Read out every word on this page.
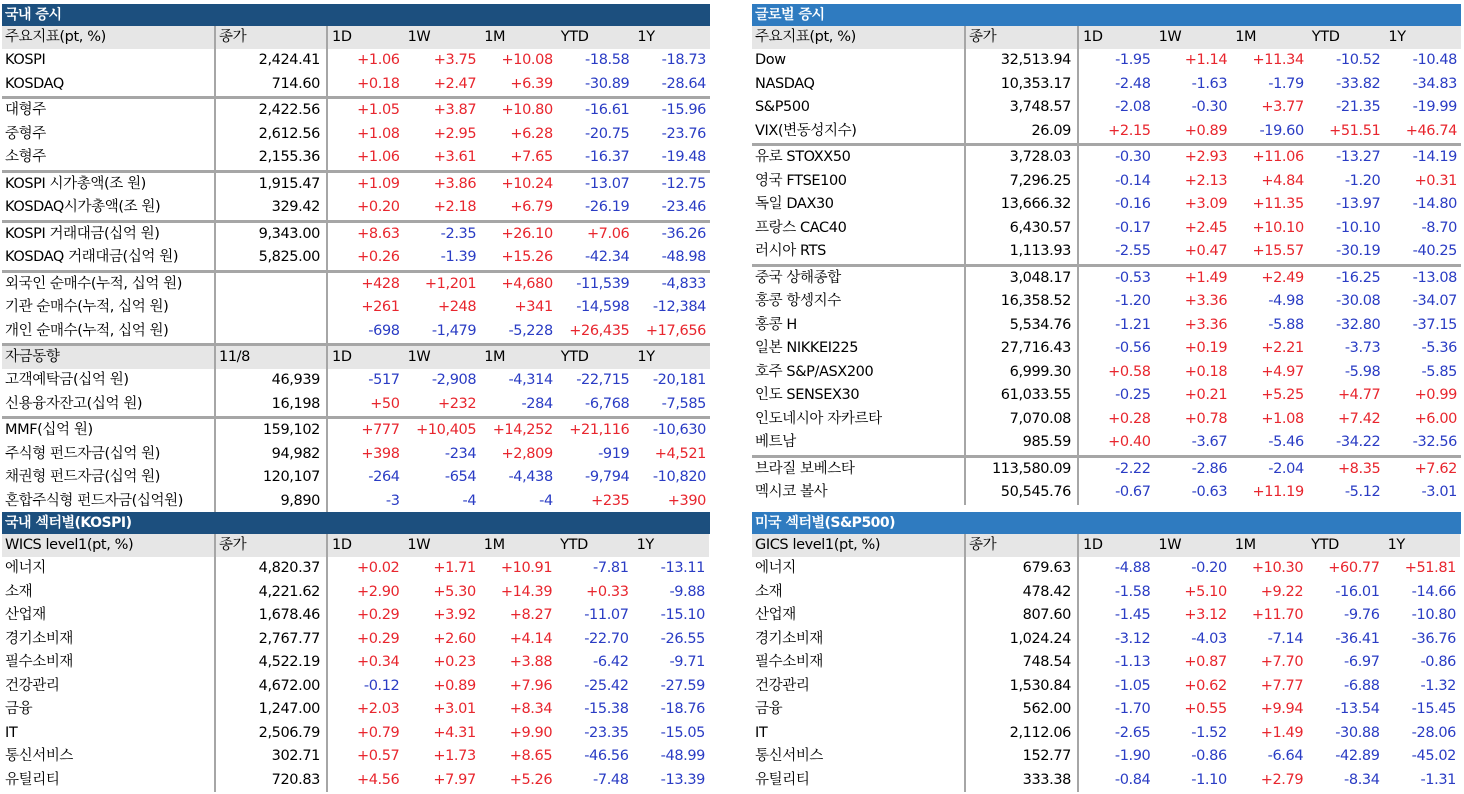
국내 증시
주요지표(pt, %)	종가	1D	1W	1M	YTD	1Y
KOSPI	2,424.41	+1.06	+3.75	+10.08	-18.58	-18.73
KOSDAQ	714.60	+0.18	+2.47	+6.39	-30.89	-28.64
대형주	2,422.56	+1.05	+3.87	+10.80	-16.61	-15.96
중형주	2,612.56	+1.08	+2.95	+6.28	-20.75	-23.76
소형주	2,155.36	+1.06	+3.61	+7.65	-16.37	-19.48
KOSPI 시가총액(조 원)	1,915.47	+1.09	+3.86	+10.24	-13.07	-12.75
KOSDAQ시가총액(조 원)	329.42	+0.20	+2.18	+6.79	-26.19	-23.46
KOSPI 거래대금(십억 원)	9,343.00	+8.63	-2.35	+26.10	+7.06	-36.26
KOSDAQ 거래대금(십억 원)	5,825.00	+0.26	-1.39	+15.26	-42.34	-48.98
외국인 순매수(누적, 십억 원)		+428	+1,201	+4,680	-11,539	-4,833
기관 순매수(누적, 십억 원)		+261	+248	+341	-14,598	-12,384
개인 순매수(누적, 십억 원)		-698	-1,479	-5,228	+26,435	+17,656
자금동향	11/8	1D	1W	1M	YTD	1Y
고객예탁금(십억 원)	46,939	-517	-2,908	-4,314	-22,715	-20,181
신용융자잔고(십억 원)	16,198	+50	+232	-284	-6,768	-7,585
MMF(십억 원)	159,102	+777	+10,405	+14,252	+21,116	-10,630
주식형 펀드자금(십억 원)	94,982	+398	-234	+2,809	-919	+4,521
채권형 펀드자금(십억 원)	120,107	-264	-654	-4,438	-9,794	-10,820
혼합주식형 펀드자금(십억원)	9,890	-3	-4	-4	+235	+390
글로벌 증시
주요지표(pt, %)	종가	1D	1W	1M	YTD	1Y
Dow	32,513.94	-1.95	+1.14	+11.34	-10.52	-10.48
NASDAQ	10,353.17	-2.48	-1.63	-1.79	-33.82	-34.83
S&P500	3,748.57	-2.08	-0.30	+3.77	-21.35	-19.99
VIX(변동성지수)	26.09	+2.15	+0.89	-19.60	+51.51	+46.74
유로 STOXX50	3,728.03	-0.30	+2.93	+11.06	-13.27	-14.19
영국 FTSE100	7,296.25	-0.14	+2.13	+4.84	-1.20	+0.31
독일 DAX30	13,666.32	-0.16	+3.09	+11.35	-13.97	-14.80
프랑스 CAC40	6,430.57	-0.17	+2.45	+10.10	-10.10	-8.70
러시아 RTS	1,113.93	-2.55	+0.47	+15.57	-30.19	-40.25
중국 상해종합	3,048.17	-0.53	+1.49	+2.49	-16.25	-13.08
홍콩 항셍지수	16,358.52	-1.20	+3.36	-4.98	-30.08	-34.07
홍콩 H	5,534.76	-1.21	+3.36	-5.88	-32.80	-37.15
일본 NIKKEI225	27,716.43	-0.56	+0.19	+2.21	-3.73	-5.36
호주 S&P/ASX200	6,999.30	+0.58	+0.18	+4.97	-5.98	-5.85
인도 SENSEX30	61,033.55	-0.25	+0.21	+5.25	+4.77	+0.99
인도네시아 자카르타	7,070.08	+0.28	+0.78	+1.08	+7.42	+6.00
베트남	985.59	+0.40	-3.67	-5.46	-34.22	-32.56
브라질 보베스타	113,580.09	-2.22	-2.86	-2.04	+8.35	+7.62
멕시코 볼사	50,545.76	-0.67	-0.63	+11.19	-5.12	-3.01
국내 섹터별(KOSPI)
WICS level1(pt, %)	종가	1D	1W	1M	YTD	1Y
에너지	4,820.37	+0.02	+1.71	+10.91	-7.81	-13.11
소재	4,221.62	+2.90	+5.30	+14.39	+0.33	-9.88
산업재	1,678.46	+0.29	+3.92	+8.27	-11.07	-15.10
경기소비재	2,767.77	+0.29	+2.60	+4.14	-22.70	-26.55
필수소비재	4,522.19	+0.34	+0.23	+3.88	-6.42	-9.71
건강관리	4,672.00	-0.12	+0.89	+7.96	-25.42	-27.59
금융	1,247.00	+2.03	+3.01	+8.34	-15.38	-18.76
IT	2,506.79	+0.79	+4.31	+9.90	-23.35	-15.05
통신서비스	302.71	+0.57	+1.73	+8.65	-46.56	-48.99
유틸리티	720.83	+4.56	+7.97	+5.26	-7.48	-13.39
미국 섹터별(S&P500)
GICS level1(pt, %)	종가	1D	1W	1M	YTD	1Y
에너지	679.63	-4.88	-0.20	+10.30	+60.77	+51.81
소재	478.42	-1.58	+5.10	+9.22	-16.01	-14.66
산업재	807.60	-1.45	+3.12	+11.70	-9.76	-10.80
경기소비재	1,024.24	-3.12	-4.03	-7.14	-36.41	-36.76
필수소비재	748.54	-1.13	+0.87	+7.70	-6.97	-0.86
건강관리	1,530.84	-1.05	+0.62	+7.77	-6.88	-1.32
금융	562.00	-1.70	+0.55	+9.94	-13.54	-15.45
IT	2,112.06	-2.65	-1.52	+1.49	-30.88	-28.06
통신서비스	152.77	-1.90	-0.86	-6.64	-42.89	-45.02
유틸리티	333.38	-0.84	-1.10	+2.79	-8.34	-1.31
